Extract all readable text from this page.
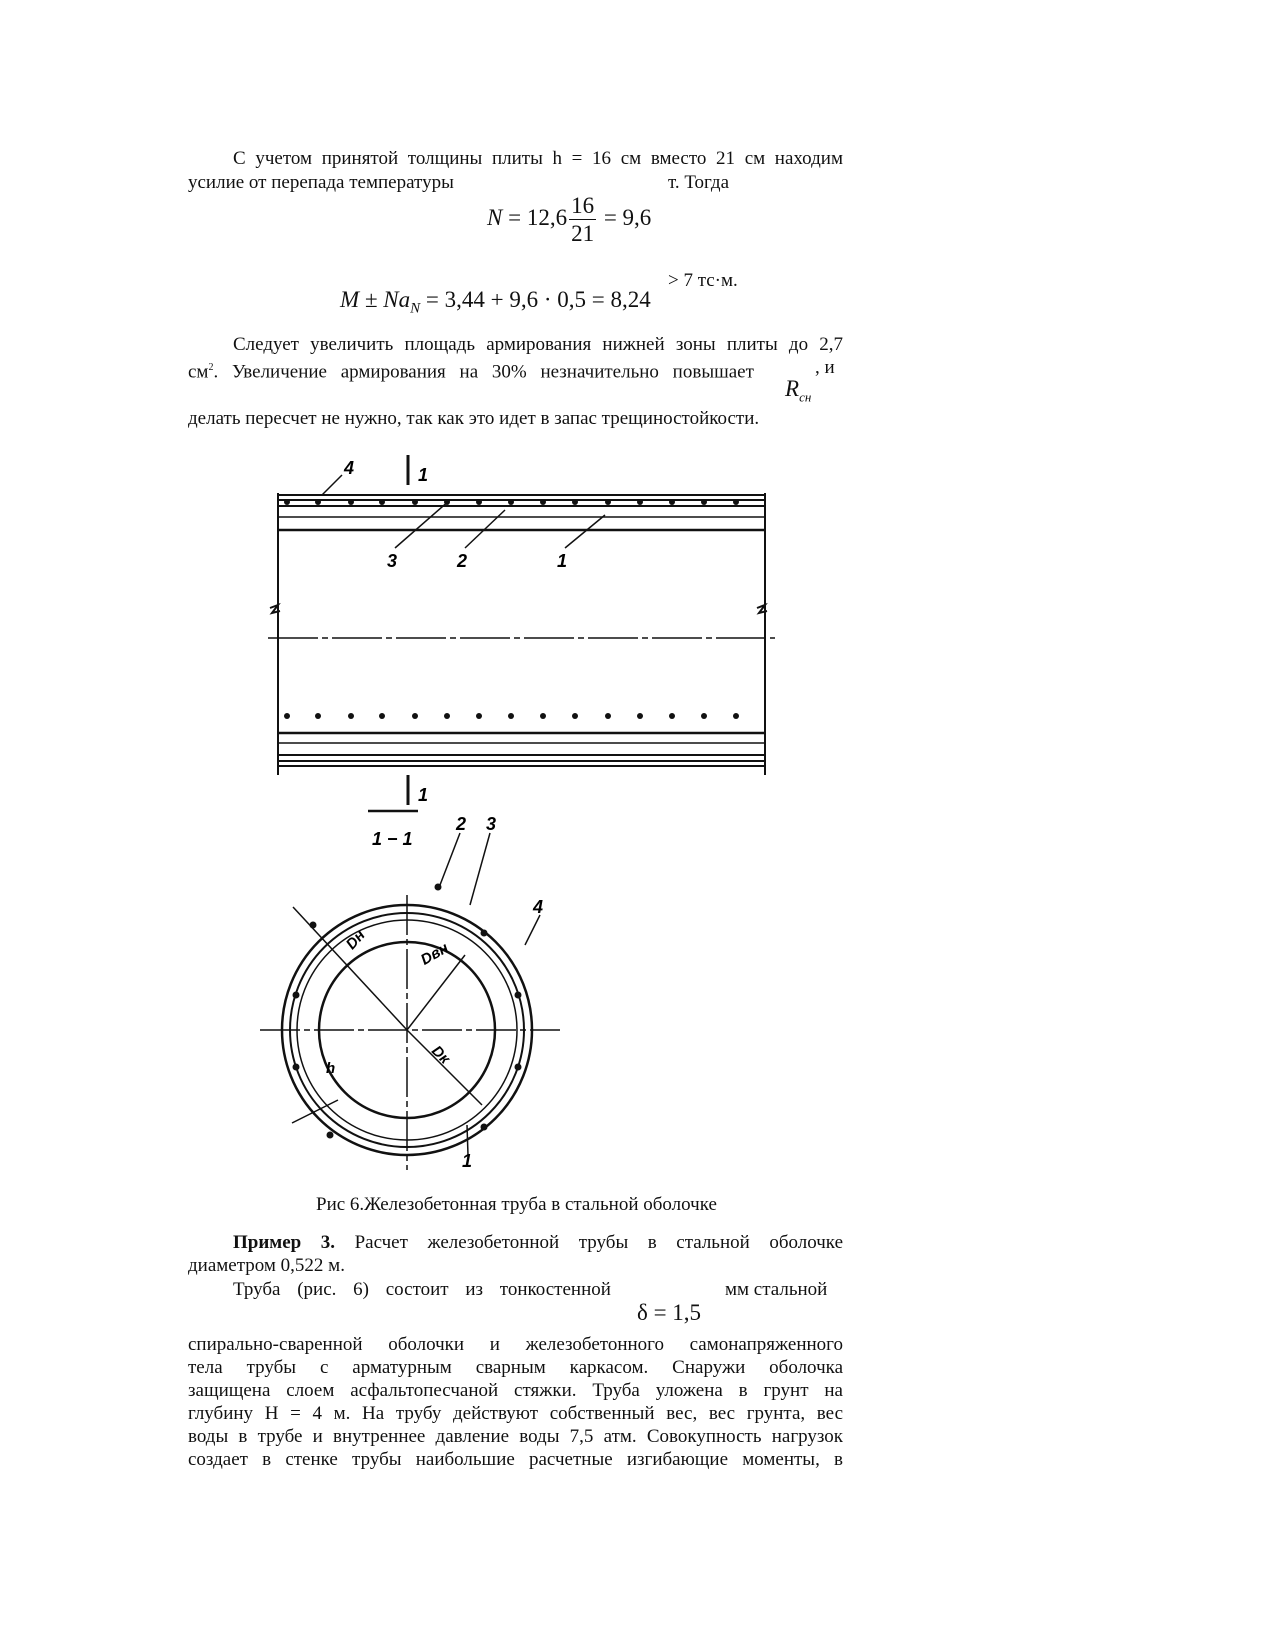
С учетом принятой толщины плиты h = 16 см вместо 21 см находим
усилие от перепада температуры	т. Тогда
$N = 12,6 \frac{16}{21} = 9,6$
$M \pm Na_N = 3,44 + 9,6 \cdot 0,5 = 8,24$
> 7 тс·м.
Следует увеличить площадь армирования нижней зоны плиты до 2,7
$см^2$. Увеличение армирования на 30% незначительно повышает	, и
$R_{сн}$
делать пересчет не нужно, так как это идет в запас трещиностойкости.
4	1
3	2	1
1
1 − 1
2 3
4
1
Dн	Dвн
Dк
h
Рис 6.Железобетонная труба в стальной оболочке
Пример 3. Расчет железобетонной трубы в стальной оболочке
диаметром 0,522 м.
Труба (рис. 6) состоит из тонкостенной	мм стальной
δ = 1,5
спирально-сваренной оболочки и железобетонного самонапряженного
тела трубы с арматурным сварным каркасом. Снаружи оболочка
защищена слоем асфальтопесчаной стяжки. Труба уложена в грунт на
глубину H = 4 м. На трубу действуют собственный вес, вес грунта, вес
воды в трубе и внутреннее давление воды 7,5 атм. Совокупность нагрузок
создает в стенке трубы наибольшие расчетные изгибающие моменты, в
